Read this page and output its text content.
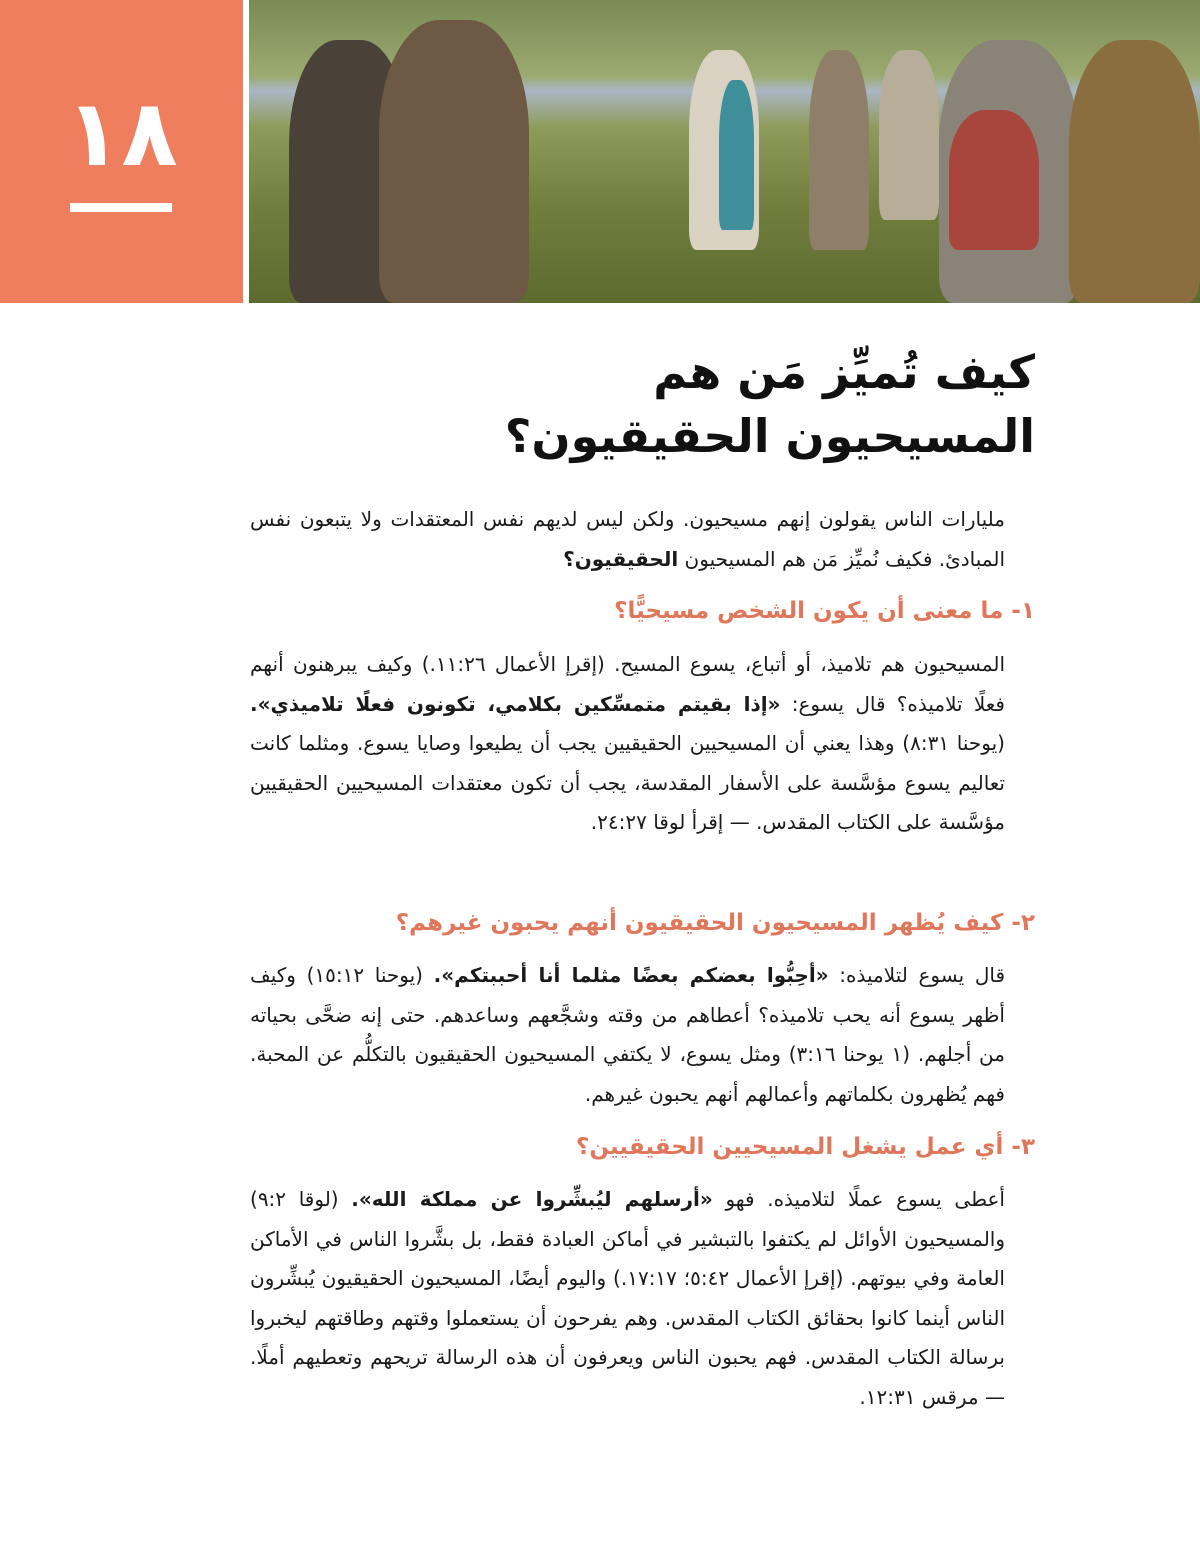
١٨
كيف تُميِّز مَن هم
المسيحيون الحقيقيون؟

مليارات الناس يقولون إنهم مسيحيون. ولكن ليس لديهم نفس المعتقدات ولا يتبعون نفس المبادئ. فكيف نُميِّز مَن هم المسيحيون الحقيقيون؟

١- ما معنى أن يكون الشخص مسيحيًّا؟

المسيحيون هم تلاميذ، أو أتباع، يسوع المسيح. (إقرإ الأعمال ١١:٢٦.) وكيف يبرهنون أنهم فعلًا تلاميذه؟ قال يسوع: «إذا بقيتم متمسِّكين بكلامي، تكونون فعلًا تلاميذي». (يوحنا ٨:٣١) وهذا يعني أن المسيحيين الحقيقيين يجب أن يطيعوا وصايا يسوع. ومثلما كانت تعاليم يسوع مؤسَّسة على الأسفار المقدسة، يجب أن تكون معتقدات المسيحيين الحقيقيين مؤسَّسة على الكتاب المقدس. — إقرأ لوقا ٢٤:٢٧.

٢- كيف يُظهر المسيحيون الحقيقيون أنهم يحبون غيرهم؟

قال يسوع لتلاميذه: «أحِبُّوا بعضكم بعضًا مثلما أنا أحببتكم». (يوحنا ١٥:١٢) وكيف أظهر يسوع أنه يحب تلاميذه؟ أعطاهم من وقته وشجَّعهم وساعدهم. حتى إنه ضحَّى بحياته من أجلهم. (١ يوحنا ٣:١٦) ومثل يسوع، لا يكتفي المسيحيون الحقيقيون بالتكلُّم عن المحبة. فهم يُظهرون بكلماتهم وأعمالهم أنهم يحبون غيرهم.

٣- أي عمل يشغل المسيحيين الحقيقيين؟

أعطى يسوع عملًا لتلاميذه. فهو «أرسلهم ليُبشِّروا عن مملكة الله». (لوقا ٩:٢) والمسيحيون الأوائل لم يكتفوا بالتبشير في أماكن العبادة فقط، بل بشَّروا الناس في الأماكن العامة وفي بيوتهم. (إقرإ الأعمال ٥:٤٢؛ ١٧:١٧.) واليوم أيضًا، المسيحيون الحقيقيون يُبشِّرون الناس أينما كانوا بحقائق الكتاب المقدس. وهم يفرحون أن يستعملوا وقتهم وطاقتهم ليخبروا برسالة الكتاب المقدس. فهم يحبون الناس ويعرفون أن هذه الرسالة تريحهم وتعطيهم أملًا. — مرقس ١٢:٣١.
